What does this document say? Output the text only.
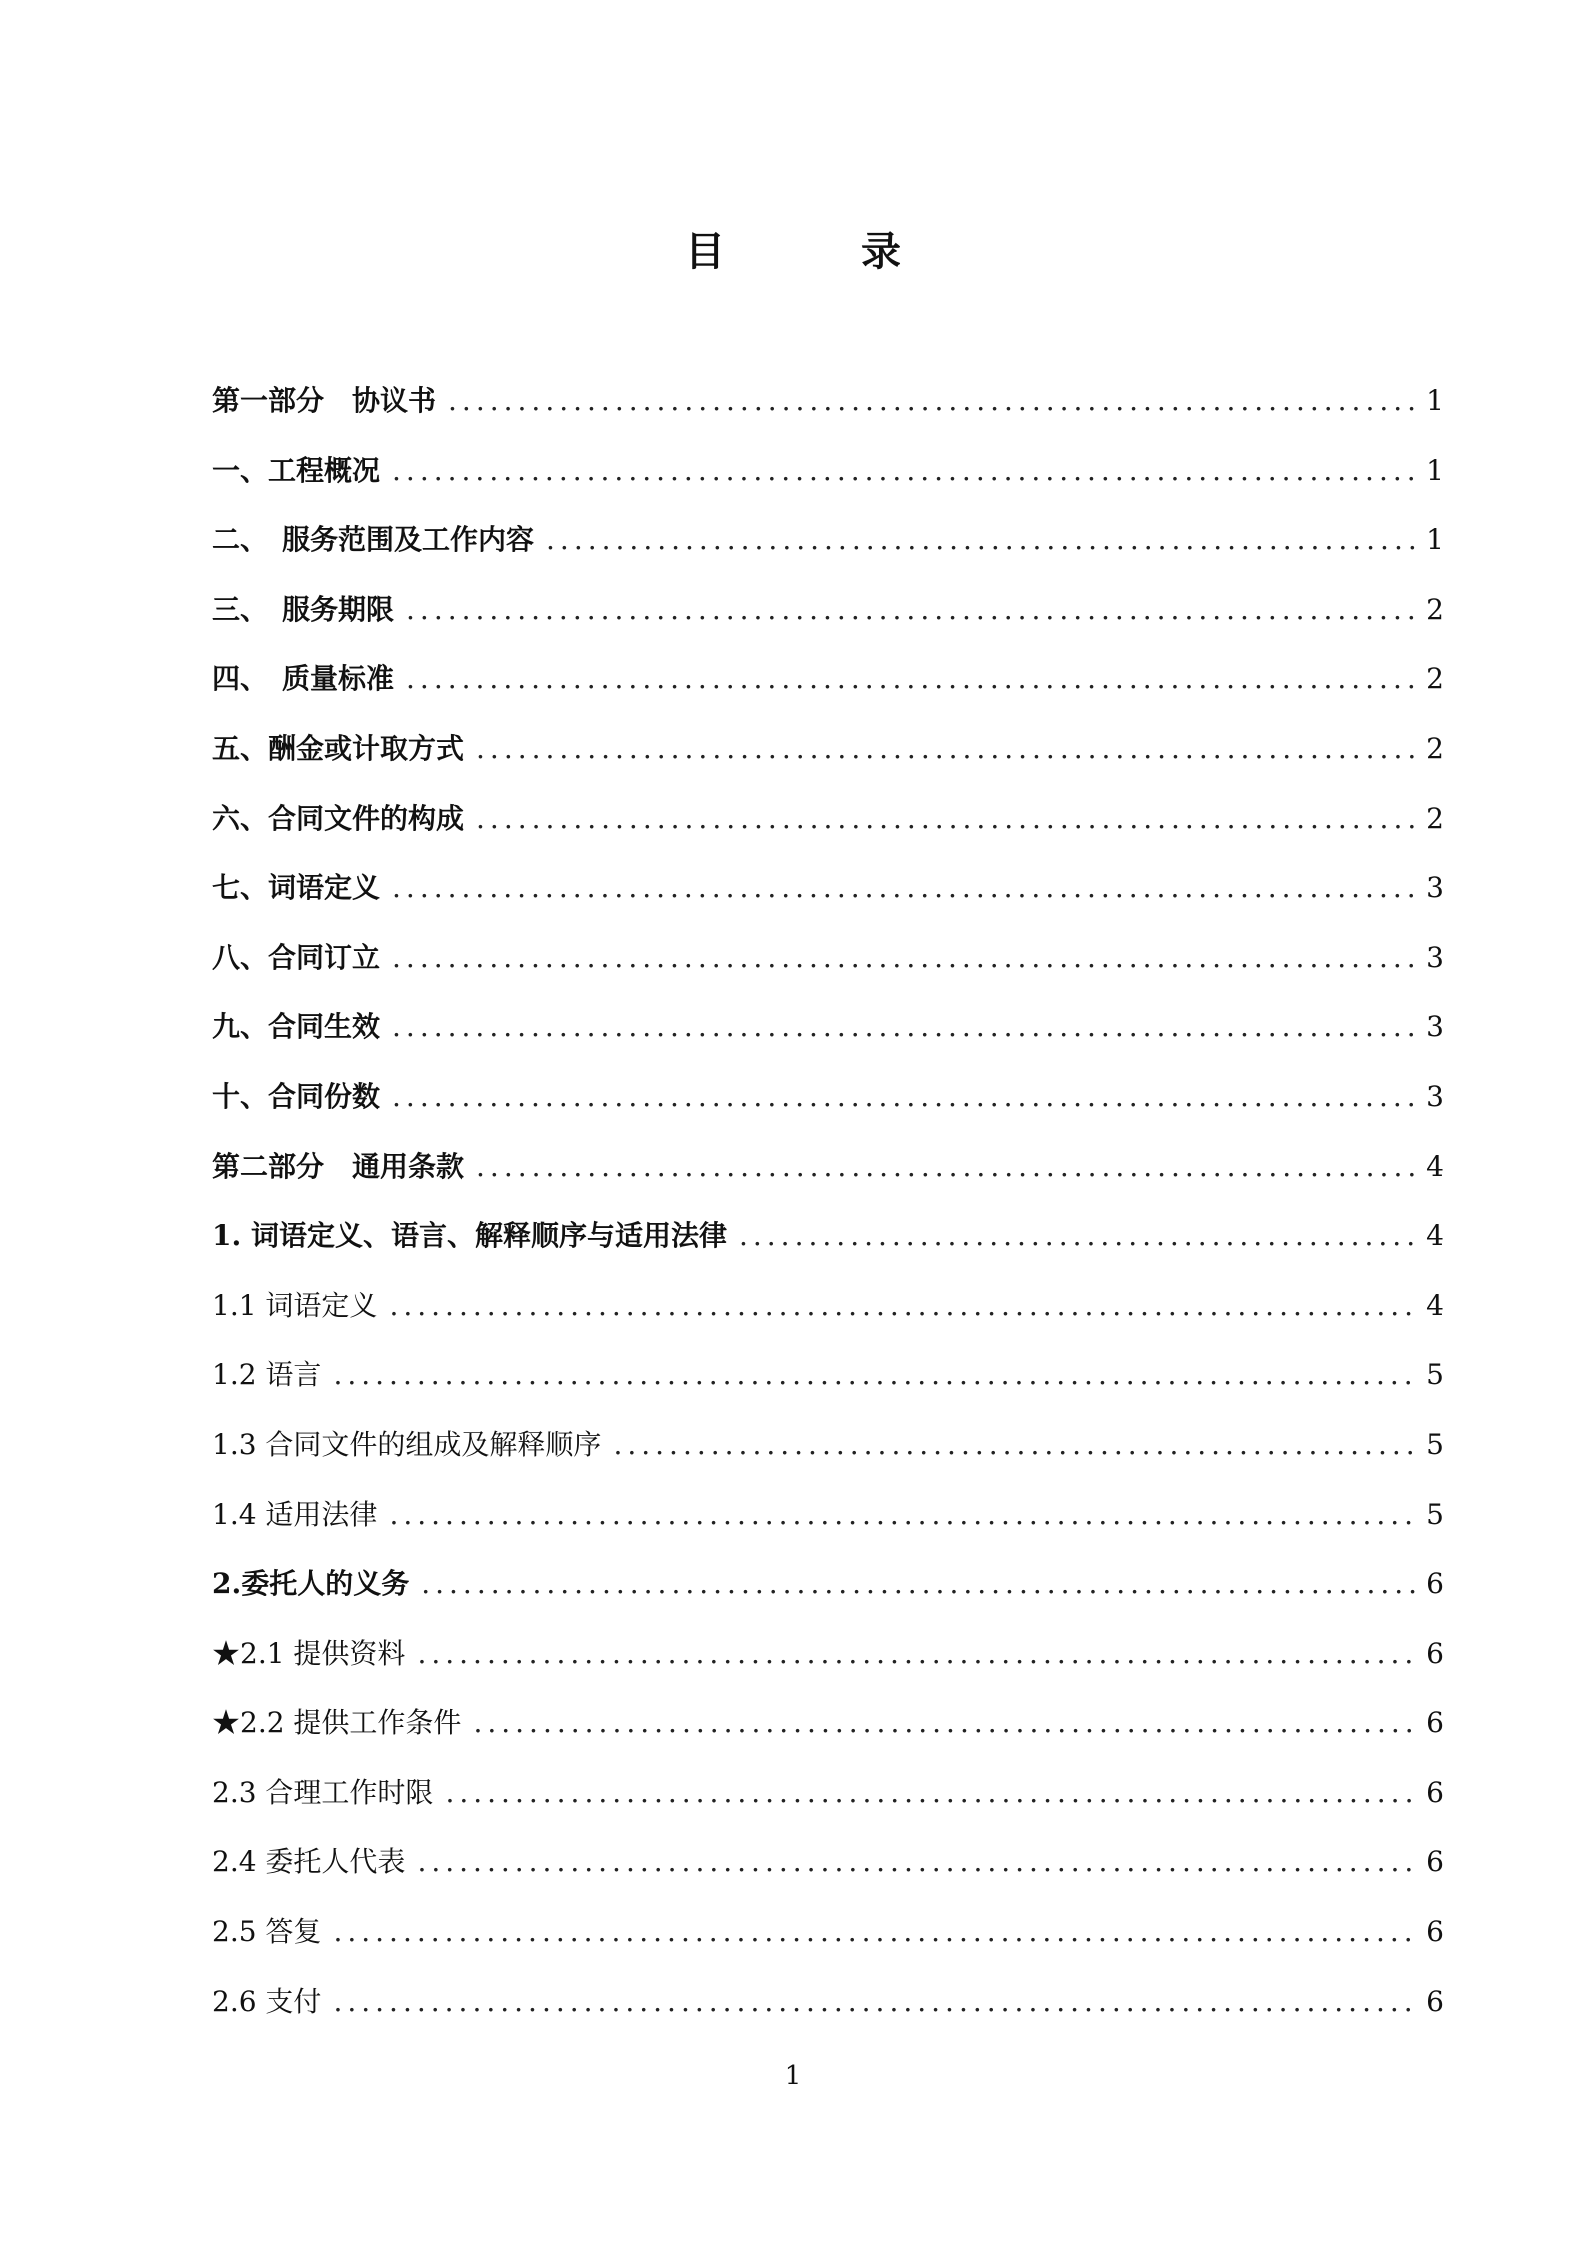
目　录
第一部分　协议书 .....	1
一、工程概况 .....	1
二、　服务范围及工作内容 .....	1
三、　服务期限 .....	2
四、　质量标准 .....	2
五、酬金或计取方式 .....	2
六、合同文件的构成 .....	2
七、词语定义 .....	3
八、合同订立 .....	3
九、合同生效 .....	3
十、合同份数 .....	3
第二部分　通用条款 .....	4
1. 词语定义、语言、解释顺序与适用法律 .....	4
1.1 词语定义 .....	4
1.2 语言 .....	5
1.3 合同文件的组成及解释顺序 .....	5
1.4 适用法律 .....	5
2.委托人的义务 .....	6
★2.1 提供资料 .....	6
★2.2 提供工作条件 .....	6
2.3 合理工作时限 .....	6
2.4 委托人代表 .....	6
2.5 答复 .....	6
2.6 支付 .....	6
1
